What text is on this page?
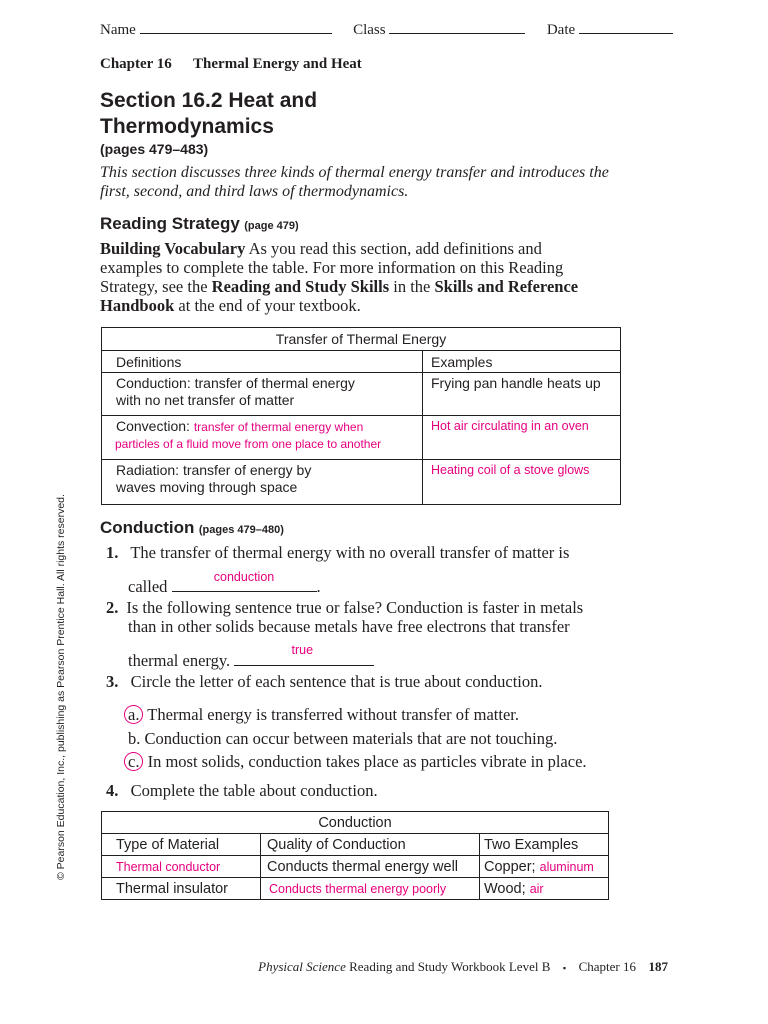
Name	Class	Date
Chapter 16 Thermal Energy and Heat
Section 16.2 Heat and
Thermodynamics
(pages 479–483)
This section discusses three kinds of thermal energy transfer and introduces the
first, second, and third laws of thermodynamics.
Reading Strategy (page 479)
Building Vocabulary As you read this section, add definitions and
examples to complete the table. For more information on this Reading
Strategy, see the Reading and Study Skills in the Skills and Reference
Handbook at the end of your textbook.
Transfer of Thermal Energy	
Definitions	Examples

Conduction: transfer of thermal energy
with no net transfer of matter	Frying pan handle heats up

Convection: transfer of thermal energy when
particles of a fluid move from one place to another	Hot air circulating in an oven

Radiation: transfer of energy by
waves moving through space	Heating coil of a stove glows
Conduction (pages 479–480)
1. The transfer of thermal energy with no overall transfer of matter is
called	conduction	.
2. Is the following sentence true or false? Conduction is faster in metals
than in other solids because metals have free electrons that transfer
thermal energy.
true
3. Circle the letter of each sentence that is true about conduction.
a. Thermal energy is transferred without transfer of matter.
b. Conduction can occur between materials that are not touching.
c. In most solids, conduction takes place as particles vibrate in place.
4. Complete the table about conduction.
Conduction		
Type of Material	Quality of Conduction	Two Examples
Thermal conductor	Conducts thermal energy well	Copper; aluminum
Thermal insulator	Conducts thermal energy poorly	Wood; air
© Pearson Education, Inc., publishing as Pearson Prentice Hall. All rights reserved.
Physical Science Reading and Study Workbook Level B ▪ Chapter 16 187
